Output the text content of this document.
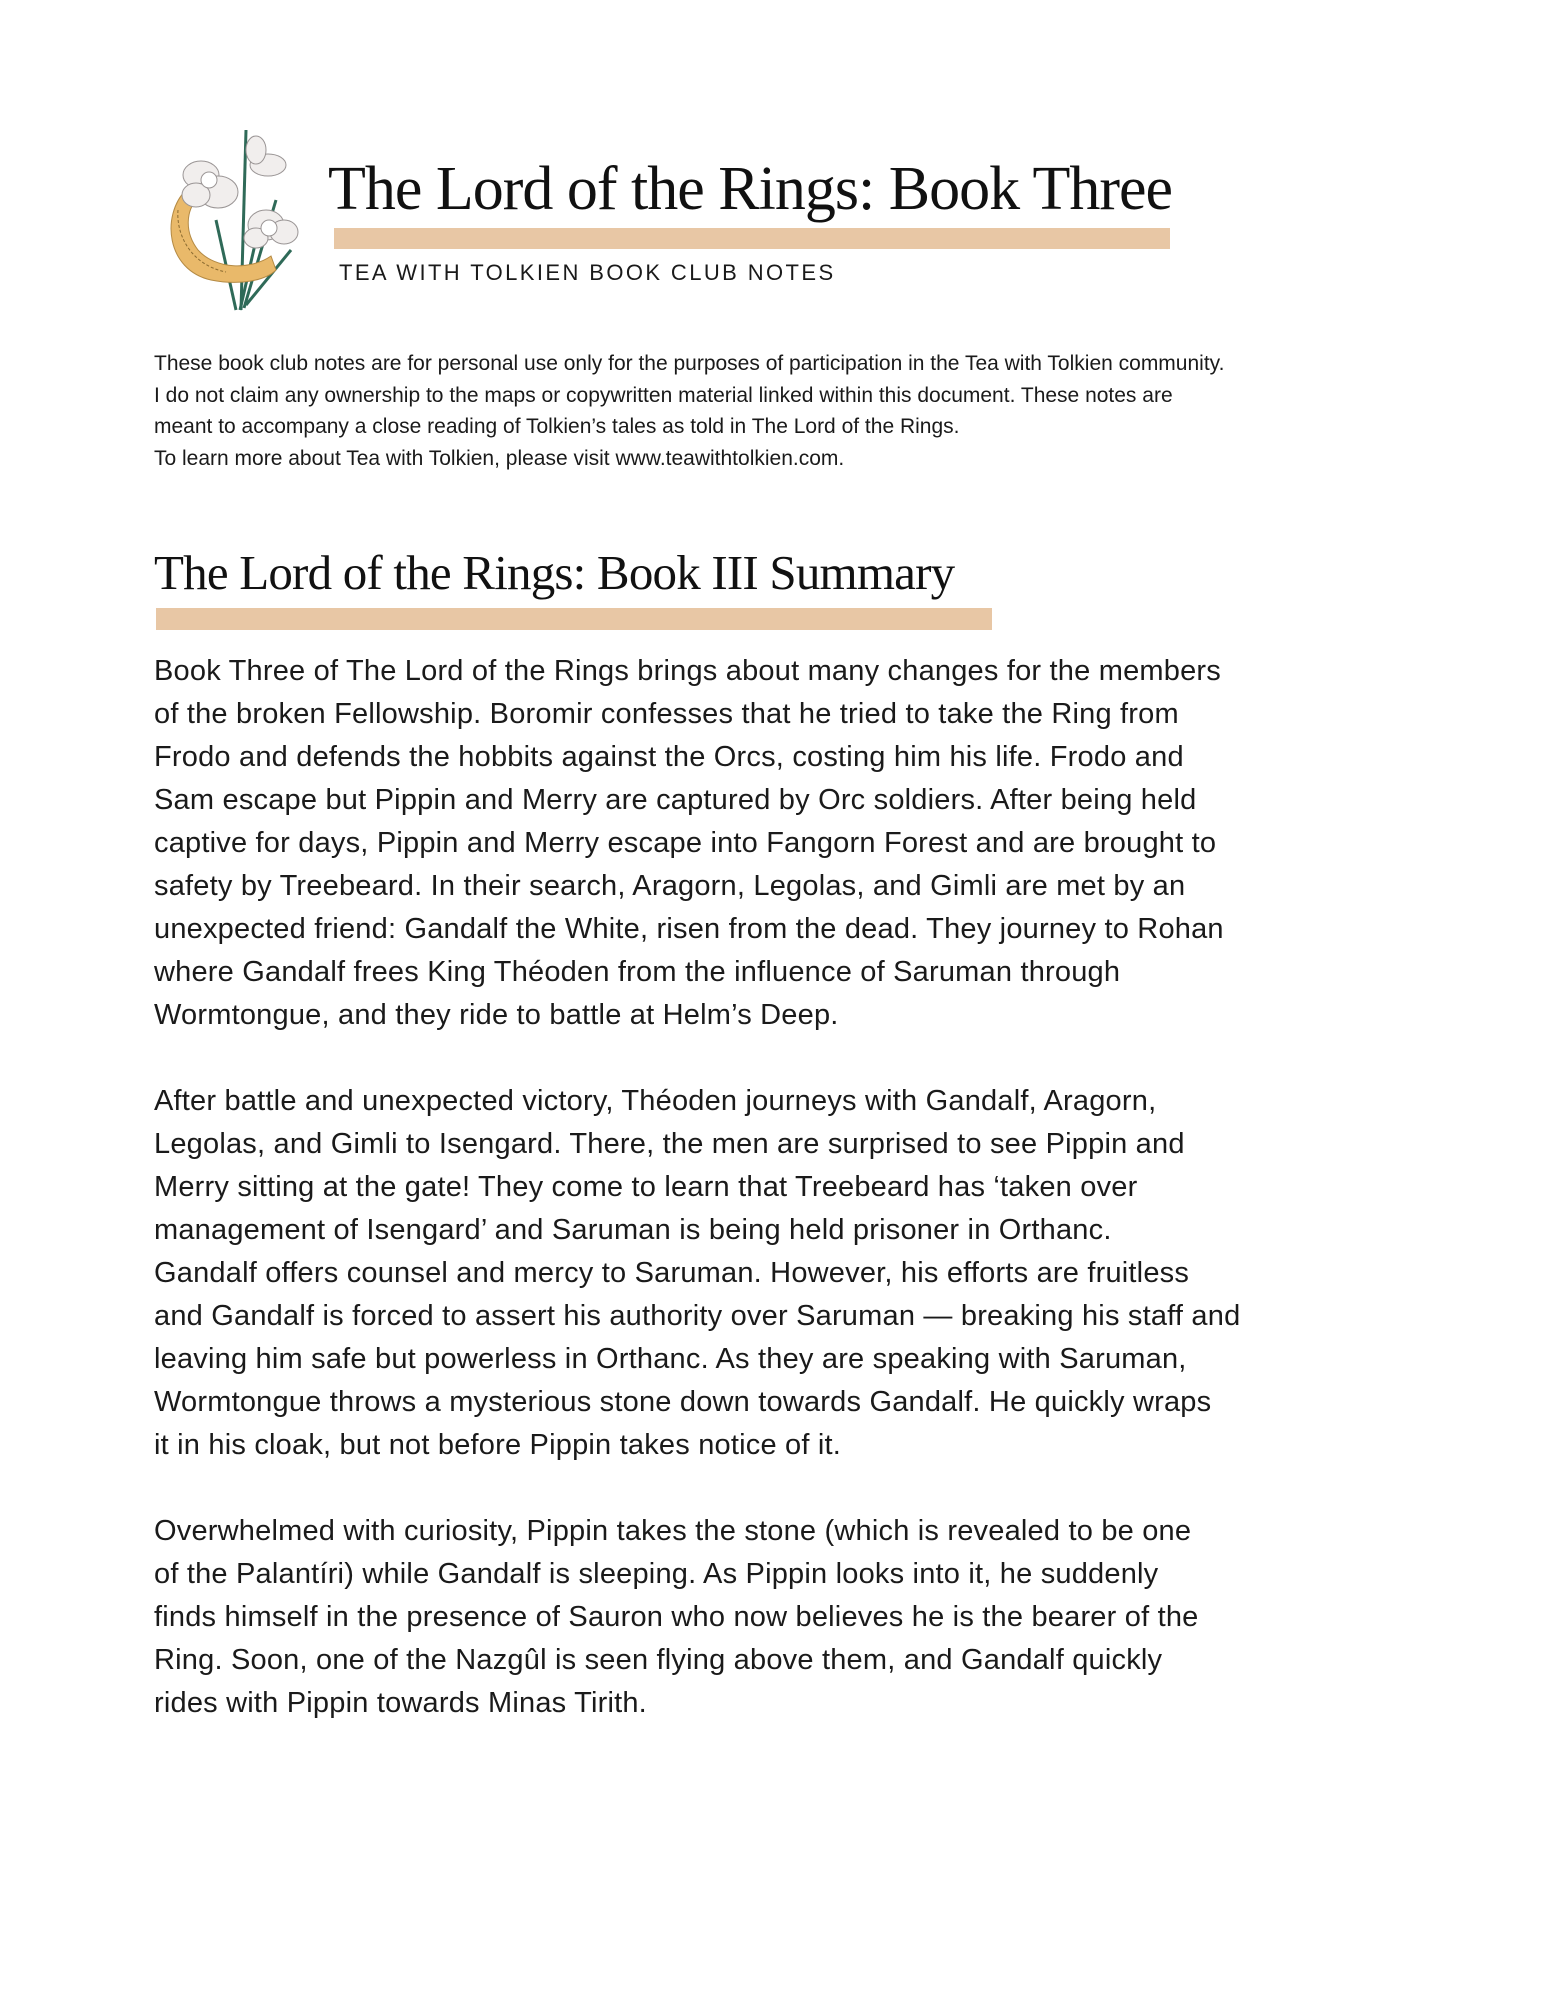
The Lord of the Rings: Book Three
TEA WITH TOLKIEN BOOK CLUB NOTES
These book club notes are for personal use only for the purposes of participation in the Tea with Tolkien community.
I do not claim any ownership to the maps or copywritten material linked within this document. These notes are
meant to accompany a close reading of Tolkien’s tales as told in The Lord of the Rings.
To learn more about Tea with Tolkien, please visit www.teawithtolkien.com.
The Lord of the Rings: Book III Summary
Book Three of The Lord of the Rings brings about many changes for the members
of the broken Fellowship. Boromir confesses that he tried to take the Ring from
Frodo and defends the hobbits against the Orcs, costing him his life. Frodo and
Sam escape but Pippin and Merry are captured by Orc soldiers. After being held
captive for days, Pippin and Merry escape into Fangorn Forest and are brought to
safety by Treebeard. In their search, Aragorn, Legolas, and Gimli are met by an
unexpected friend: Gandalf the White, risen from the dead. They journey to Rohan
where Gandalf frees King Théoden from the influence of Saruman through
Wormtongue, and they ride to battle at Helm’s Deep.
After battle and unexpected victory, Théoden journeys with Gandalf, Aragorn,
Legolas, and Gimli to Isengard. There, the men are surprised to see Pippin and
Merry sitting at the gate! They come to learn that Treebeard has ‘taken over
management of Isengard’ and Saruman is being held prisoner in Orthanc.
Gandalf offers counsel and mercy to Saruman. However, his efforts are fruitless
and Gandalf is forced to assert his authority over Saruman — breaking his staff and
leaving him safe but powerless in Orthanc. As they are speaking with Saruman,
Wormtongue throws a mysterious stone down towards Gandalf. He quickly wraps
it in his cloak, but not before Pippin takes notice of it.
Overwhelmed with curiosity, Pippin takes the stone (which is revealed to be one
of the Palantíri) while Gandalf is sleeping. As Pippin looks into it, he suddenly
finds himself in the presence of Sauron who now believes he is the bearer of the
Ring. Soon, one of the Nazgûl is seen flying above them, and Gandalf quickly
rides with Pippin towards Minas Tirith.
